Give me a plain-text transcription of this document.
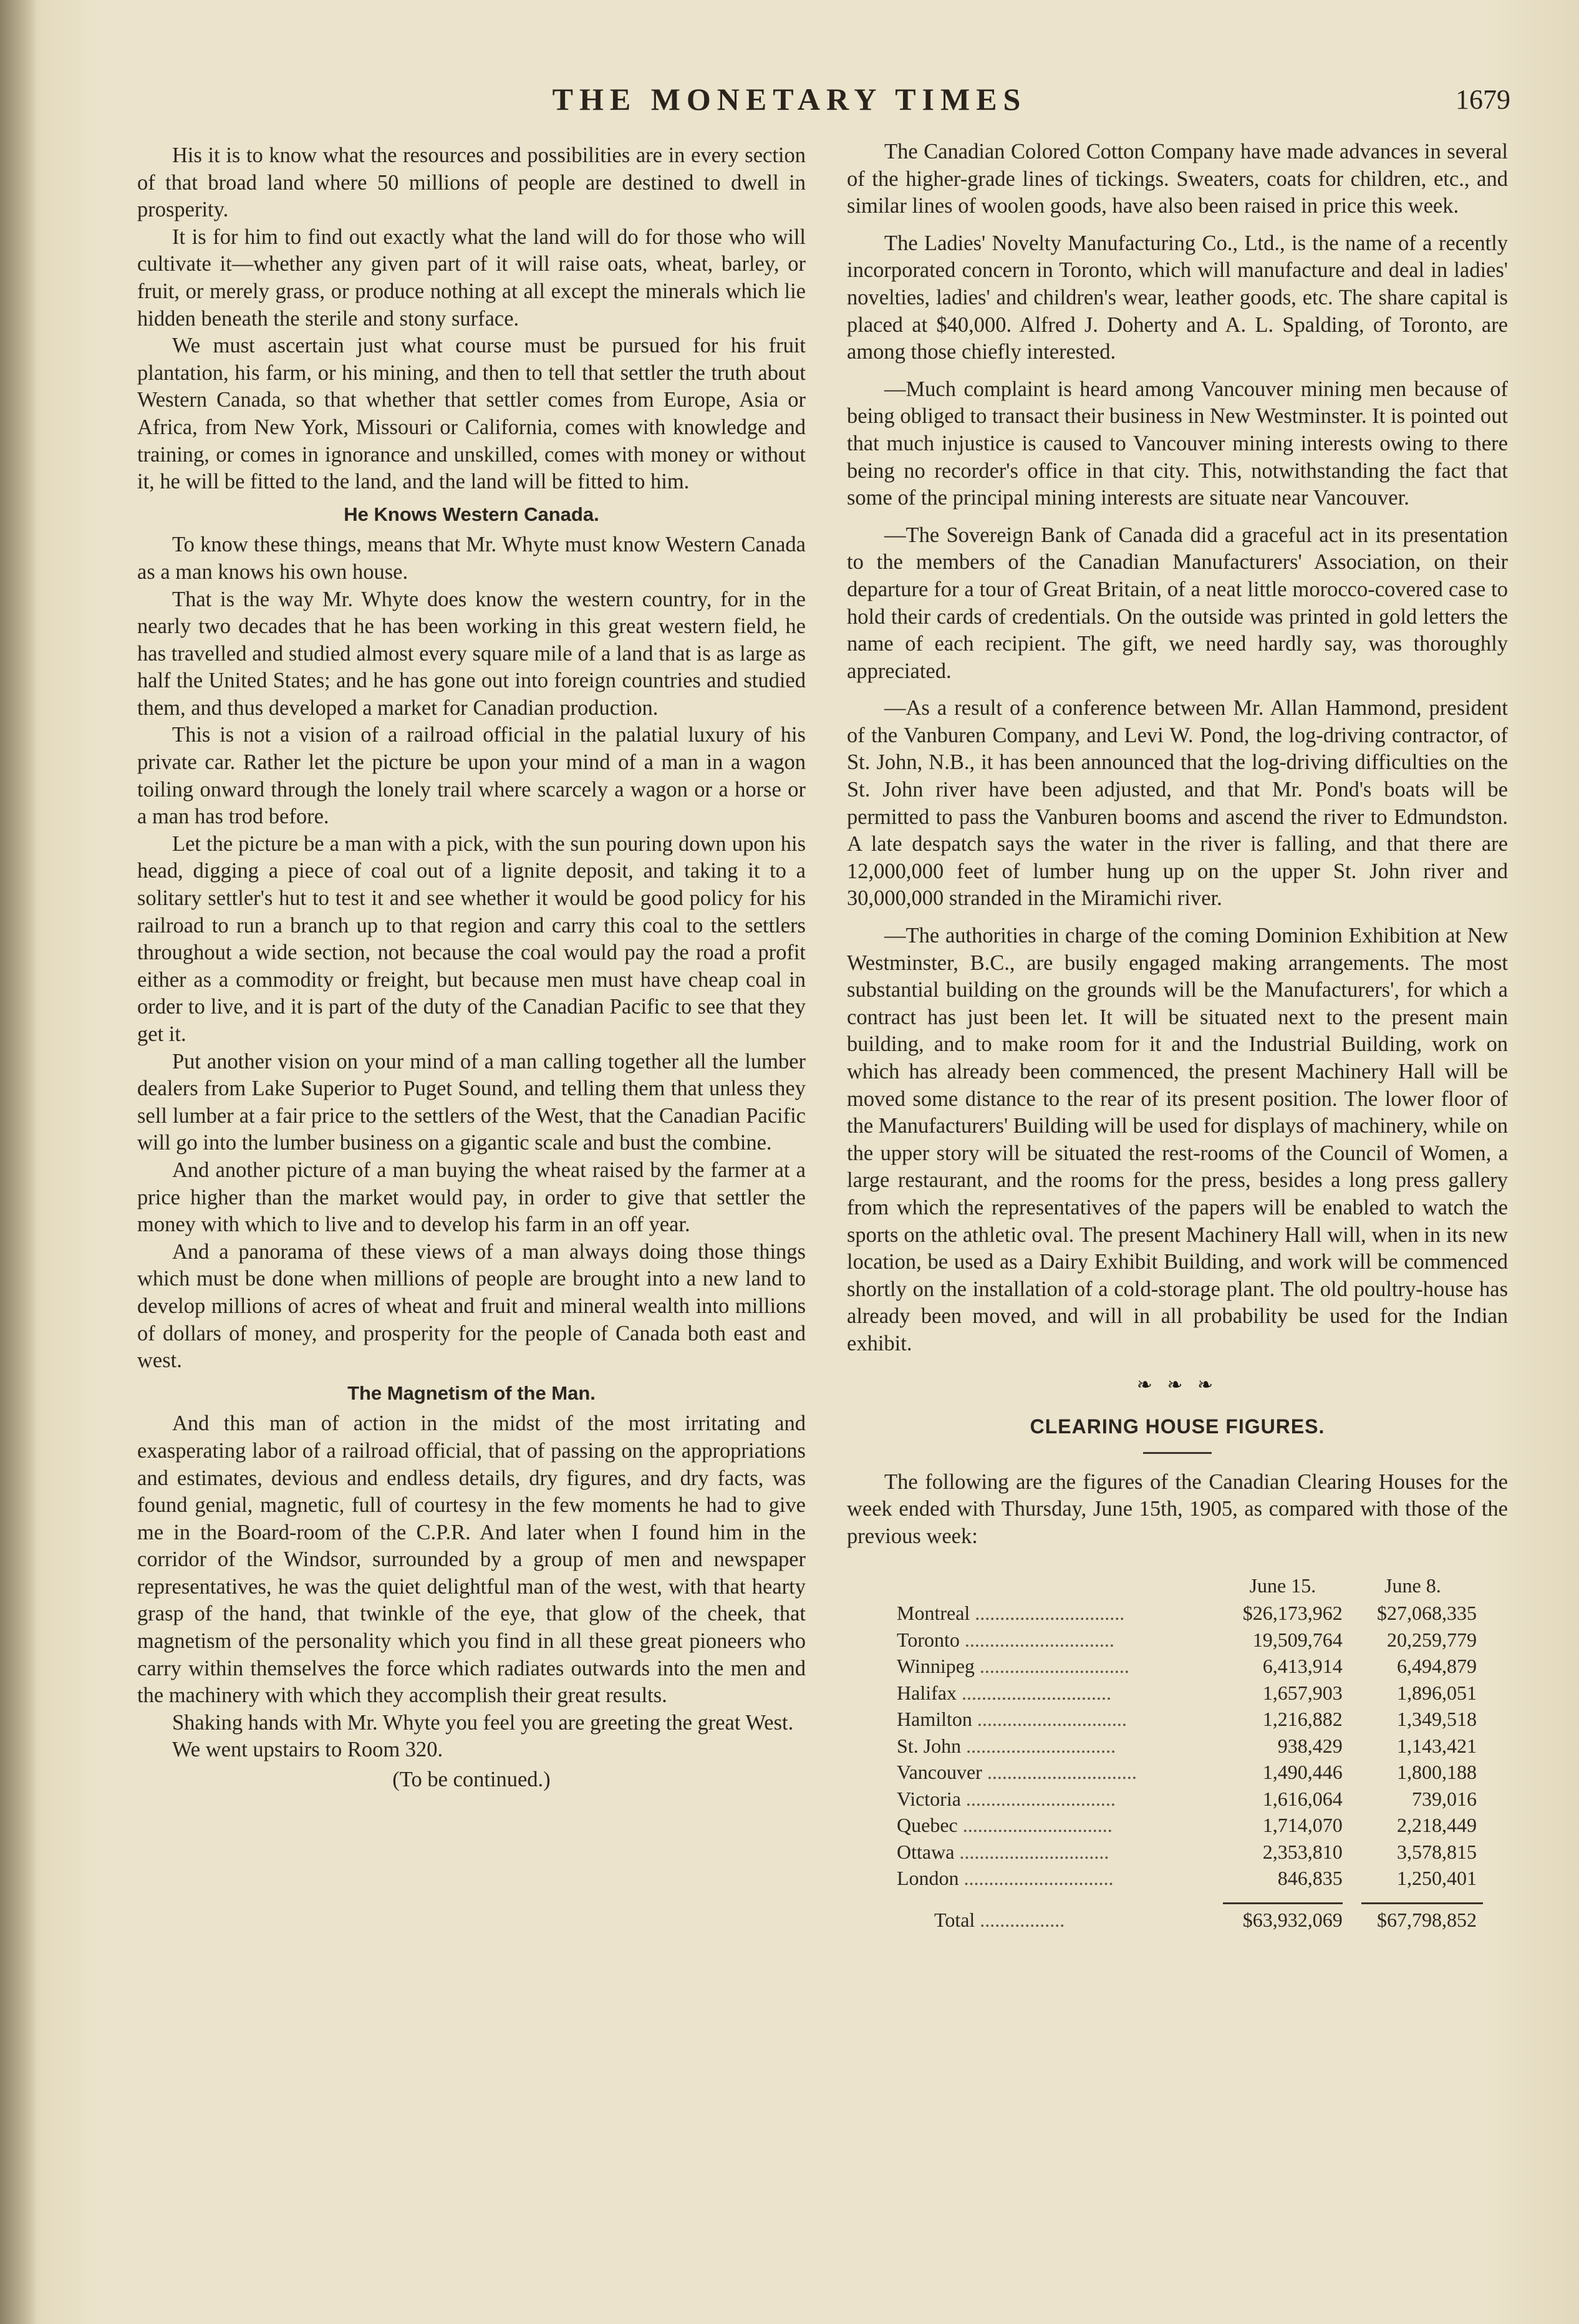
THE MONETARY TIMES	1679

His it is to know what the resources and possibilities are in every section of that broad land where 50 millions of people are destined to dwell in prosperity.

It is for him to find out exactly what the land will do for those who will cultivate it—whether any given part of it will raise oats, wheat, barley, or fruit, or merely grass, or produce nothing at all except the minerals which lie hidden beneath the sterile and stony surface.

We must ascertain just what course must be pursued for his fruit plantation, his farm, or his mining, and then to tell that settler the truth about Western Canada, so that whether that settler comes from Europe, Asia or Africa, from New York, Missouri or California, comes with knowledge and training, or comes in ignorance and unskilled, comes with money or without it, he will be fitted to the land, and the land will be fitted to him.

He Knows Western Canada.

To know these things, means that Mr. Whyte must know Western Canada as a man knows his own house.

That is the way Mr. Whyte does know the western country, for in the nearly two decades that he has been working in this great western field, he has travelled and studied almost every square mile of a land that is as large as half the United States; and he has gone out into foreign countries and studied them, and thus developed a market for Canadian production.

This is not a vision of a railroad official in the palatial luxury of his private car. Rather let the picture be upon your mind of a man in a wagon toiling onward through the lonely trail where scarcely a wagon or a horse or a man has trod before.

Let the picture be a man with a pick, with the sun pouring down upon his head, digging a piece of coal out of a lignite deposit, and taking it to a solitary settler's hut to test it and see whether it would be good policy for his railroad to run a branch up to that region and carry this coal to the settlers throughout a wide section, not because the coal would pay the road a profit either as a commodity or freight, but because men must have cheap coal in order to live, and it is part of the duty of the Canadian Pacific to see that they get it.

Put another vision on your mind of a man calling together all the lumber dealers from Lake Superior to Puget Sound, and telling them that unless they sell lumber at a fair price to the settlers of the West, that the Canadian Pacific will go into the lumber business on a gigantic scale and bust the combine.

And another picture of a man buying the wheat raised by the farmer at a price higher than the market would pay, in order to give that settler the money with which to live and to develop his farm in an off year.

And a panorama of these views of a man always doing those things which must be done when millions of people are brought into a new land to develop millions of acres of wheat and fruit and mineral wealth into millions of dollars of money, and prosperity for the people of Canada both east and west.

The Magnetism of the Man.

And this man of action in the midst of the most irritating and exasperating labor of a railroad official, that of passing on the appropriations and estimates, devious and endless details, dry figures, and dry facts, was found genial, magnetic, full of courtesy in the few moments he had to give me in the Board-room of the C.P.R. And later when I found him in the corridor of the Windsor, surrounded by a group of men and newspaper representatives, he was the quiet delightful man of the west, with that hearty grasp of the hand, that twinkle of the eye, that glow of the cheek, that magnetism of the personality which you find in all these great pioneers who carry within themselves the force which radiates outwards into the men and the machinery with which they accomplish their great results.

Shaking hands with Mr. Whyte you feel you are greeting the great West.

We went upstairs to Room 320.

(To be continued.)

The Canadian Colored Cotton Company have made advances in several of the higher-grade lines of tickings. Sweaters, coats for children, etc., and similar lines of woolen goods, have also been raised in price this week.

The Ladies' Novelty Manufacturing Co., Ltd., is the name of a recently incorporated concern in Toronto, which will manufacture and deal in ladies' novelties, ladies' and children's wear, leather goods, etc. The share capital is placed at $40,000. Alfred J. Doherty and A. L. Spalding, of Toronto, are among those chiefly interested.

—Much complaint is heard among Vancouver mining men because of being obliged to transact their business in New Westminster. It is pointed out that much injustice is caused to Vancouver mining interests owing to there being no recorder's office in that city. This, notwithstanding the fact that some of the principal mining interests are situate near Vancouver.

—The Sovereign Bank of Canada did a graceful act in its presentation to the members of the Canadian Manufacturers' Association, on their departure for a tour of Great Britain, of a neat little morocco-covered case to hold their cards of credentials. On the outside was printed in gold letters the name of each recipient. The gift, we need hardly say, was thoroughly appreciated.

—As a result of a conference between Mr. Allan Hammond, president of the Vanburen Company, and Levi W. Pond, the log-driving contractor, of St. John, N.B., it has been announced that the log-driving difficulties on the St. John river have been adjusted, and that Mr. Pond's boats will be permitted to pass the Vanburen booms and ascend the river to Edmundston. A late despatch says the water in the river is falling, and that there are 12,000,000 feet of lumber hung up on the upper St. John river and 30,000,000 stranded in the Miramichi river.

—The authorities in charge of the coming Dominion Exhibition at New Westminster, B.C., are busily engaged making arrangements. The most substantial building on the grounds will be the Manufacturers', for which a contract has just been let. It will be situated next to the present main building, and to make room for it and the Industrial Building, work on which has already been commenced, the present Machinery Hall will be moved some distance to the rear of its present position. The lower floor of the Manufacturers' Building will be used for displays of machinery, while on the upper story will be situated the rest-rooms of the Council of Women, a large restaurant, and the rooms for the press, besides a long press gallery from which the representatives of the papers will be enabled to watch the sports on the athletic oval. The present Machinery Hall will, when in its new location, be used as a Dairy Exhibit Building, and work will be commenced shortly on the installation of a cold-storage plant. The old poultry-house has already been moved, and will in all probability be used for the Indian exhibit.

❧ ❧ ❧
CLEARING HOUSE FIGURES.

The following are the figures of the Canadian Clearing Houses for the week ended with Thursday, June 15th, 1905, as compared with those of the previous week:

	June 15.	June 8.
Montreal ..............................	$26,173,962	$27,068,335
Toronto ..............................	19,509,764	20,259,779
Winnipeg ..............................	6,413,914	6,494,879
Halifax ..............................	1,657,903	1,896,051
Hamilton ..............................	1,216,882	1,349,518
St. John ..............................	938,429	1,143,421
Vancouver ..............................	1,490,446	1,800,188
Victoria ..............................	1,616,064	739,016
Quebec ..............................	1,714,070	2,218,449
Ottawa ..............................	2,353,810	3,578,815
London ..............................	846,835	1,250,401

Total .................	$63,932,069	$67,798,852
